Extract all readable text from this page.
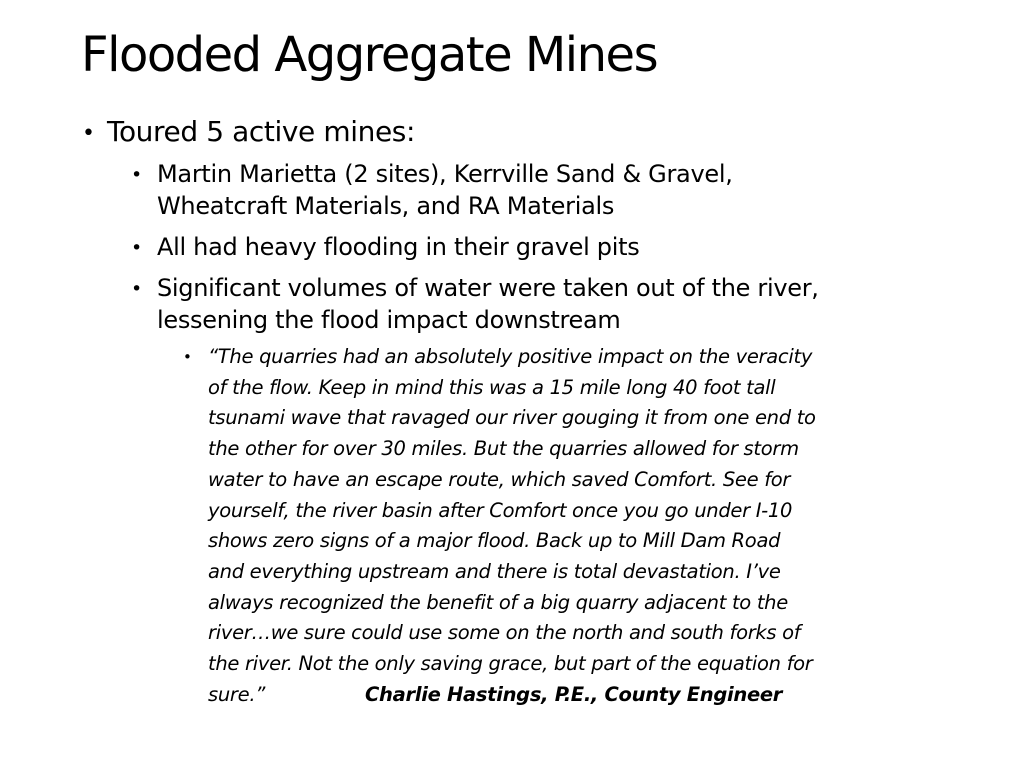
Flooded Aggregate Mines
• Toured 5 active mines:
• Martin Marietta (2 sites), Kerrville Sand & Gravel,
Wheatcraft Materials, and RA Materials
• All had heavy flooding in their gravel pits
• Significant volumes of water were taken out of the river,
lessening the flood impact downstream
• “The quarries had an absolutely positive impact on the veracity
of the flow. Keep in mind this was a 15 mile long 40 foot tall
tsunami wave that ravaged our river gouging it from one end to
the other for over 30 miles. But the quarries allowed for storm
water to have an escape route, which saved Comfort. See for
yourself, the river basin after Comfort once you go under I-10
shows zero signs of a major flood. Back up to Mill Dam Road
and everything upstream and there is total devastation. I’ve
always recognized the benefit of a big quarry adjacent to the
river…we sure could use some on the north and south forks of
the river. Not the only saving grace, but part of the equation for
sure.”	Charlie Hastings, P.E., County Engineer
